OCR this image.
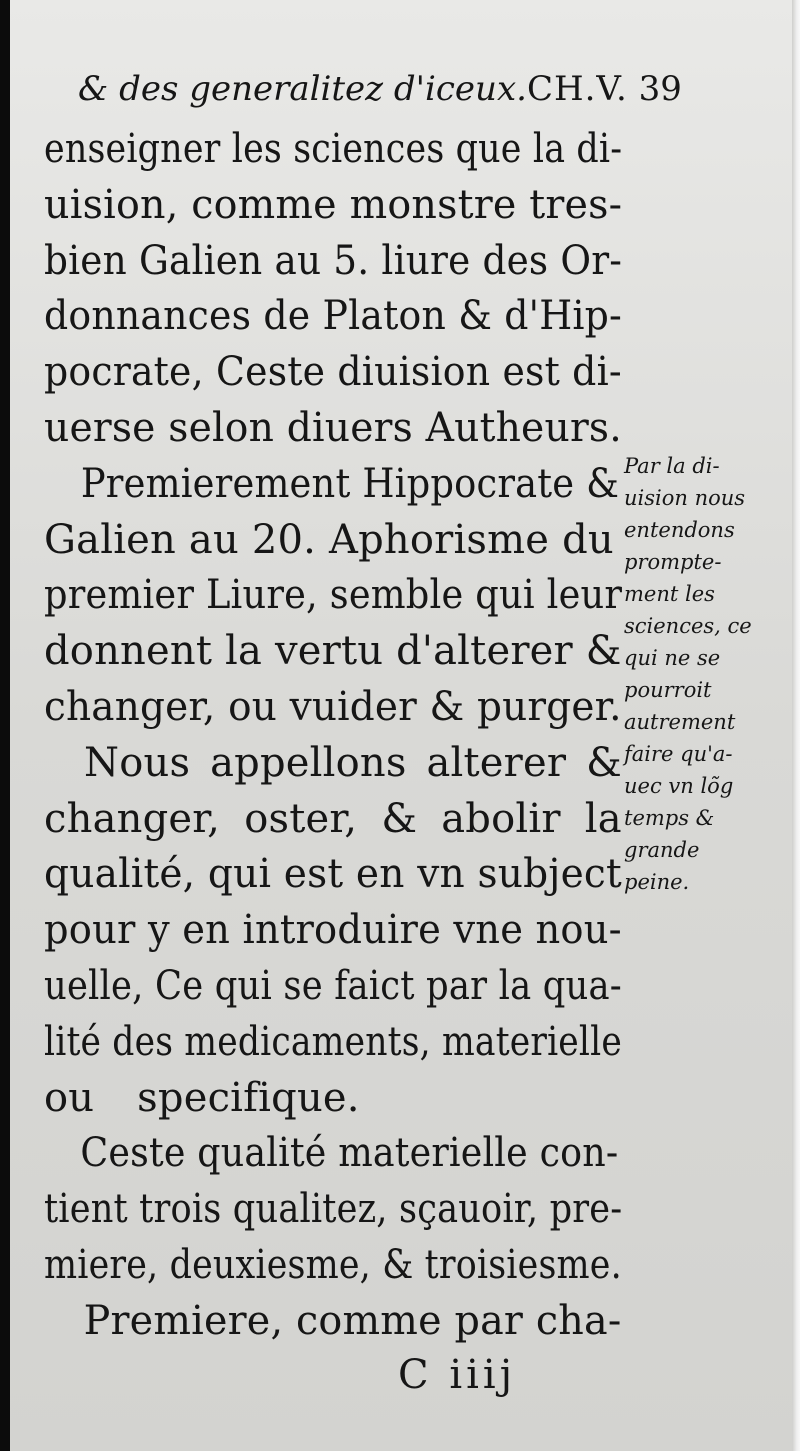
& des generalitez d'iceux.CH.V. 39
enseigner les sciences que la di-
uision, comme monstre tres-
bien Galien au 5. liure des Or-
donnances de Platon & d'Hip-
pocrate, Ceste diuision est di-
uerse selon diuers Autheurs.
Premierement Hippocrate &
Galien au 20. Aphorisme du
premier Liure, semble qui leur
donnent la vertu d'alterer &
changer, ou vuider & purger.
Nous appellons alterer &
changer, oster, & abolir la
qualité, qui est en vn subject
pour y en introduire vne nou-
uelle, Ce qui se faict par la qua-
lité des medicaments, materielle
ou specifique.
Ceste qualité materielle con-
tient trois qualitez, sçauoir, pre-
miere, deuxiesme, & troisiesme.
Premiere, comme par cha-
Par la di-
uision nous
entendons
prompte-
ment les
sciences, ce
qui ne se
pourroit
autrement
faire qu'a-
uec vn lõg
temps &
grande
peine.
C iiij
